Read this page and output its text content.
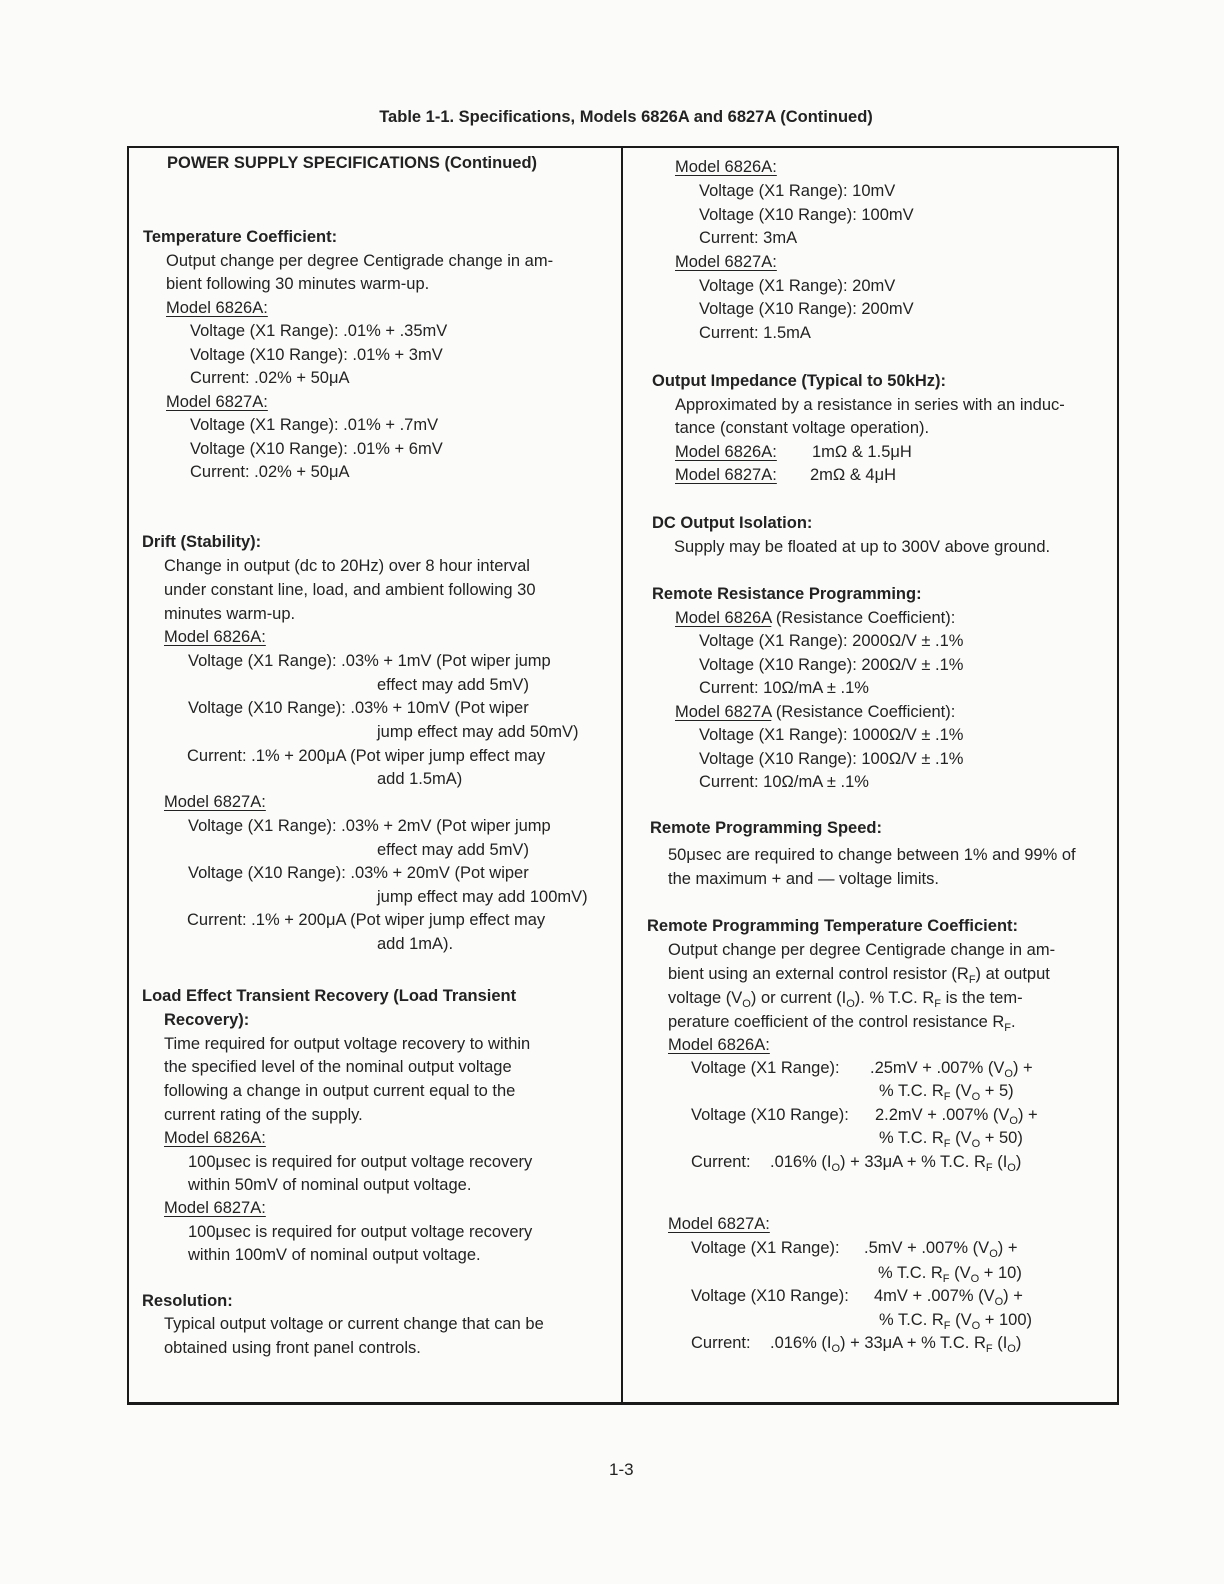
Table 1-1. Specifications, Models 6826A and 6827A (Continued)
POWER SUPPLY SPECIFICATIONS (Continued)
Temperature Coefficient:
Output change per degree Centigrade change in am-
bient following 30 minutes warm-up.
Model 6826A:
Voltage (X1 Range): .01% + .35mV
Voltage (X10 Range): .01% + 3mV
Current: .02% + 50μA
Model 6827A:
Voltage (X1 Range): .01% + .7mV
Voltage (X10 Range): .01% + 6mV
Current: .02% + 50μA
Drift (Stability):
Change in output (dc to 20Hz) over 8 hour interval
under constant line, load, and ambient following 30
minutes warm-up.
Model 6826A:
Voltage (X1 Range): .03% + 1mV (Pot wiper jump
effect may add 5mV)
Voltage (X10 Range): .03% + 10mV (Pot wiper
jump effect may add 50mV)
Current: .1% + 200μA (Pot wiper jump effect may
add 1.5mA)
Model 6827A:
Voltage (X1 Range): .03% + 2mV (Pot wiper jump
effect may add 5mV)
Voltage (X10 Range): .03% + 20mV (Pot wiper
jump effect may add 100mV)
Current: .1% + 200μA (Pot wiper jump effect may
add 1mA).
Load Effect Transient Recovery (Load Transient
Recovery):
Time required for output voltage recovery to within
the specified level of the nominal output voltage
following a change in output current equal to the
current rating of the supply.
Model 6826A:
100μsec is required for output voltage recovery
within 50mV of nominal output voltage.
Model 6827A:
100μsec is required for output voltage recovery
within 100mV of nominal output voltage.
Resolution:
Typical output voltage or current change that can be
obtained using front panel controls.
Model 6826A:
Voltage (X1 Range): 10mV
Voltage (X10 Range): 100mV
Current: 3mA
Model 6827A:
Voltage (X1 Range): 20mV
Voltage (X10 Range): 200mV
Current: 1.5mA
Output Impedance (Typical to 50kHz):
Approximated by a resistance in series with an induc-
tance (constant voltage operation).
Model 6826A: 1mΩ & 1.5μH
Model 6827A: 2mΩ & 4μH
DC Output Isolation:
Supply may be floated at up to 300V above ground.
Remote Resistance Programming:
Model 6826A (Resistance Coefficient):
Voltage (X1 Range): 2000Ω/V ± .1%
Voltage (X10 Range): 200Ω/V ± .1%
Current: 10Ω/mA ± .1%
Model 6827A (Resistance Coefficient):
Voltage (X1 Range): 1000Ω/V ± .1%
Voltage (X10 Range): 100Ω/V ± .1%
Current: 10Ω/mA ± .1%
Remote Programming Speed:
50μsec are required to change between 1% and 99% of
the maximum + and — voltage limits.
Remote Programming Temperature Coefficient:
Output change per degree Centigrade change in am-
bient using an external control resistor $(R_F)$ at output
voltage $(V_O)$ or current $(I_O)$. % T.C. $R_F$ is the tem-
perature coefficient of the control resistance $R_F$.
Model 6826A:
Voltage (X1 Range): .25mV + .007% $(V_O)$ +
% T.C. $R_F$ $(V_O + 5)$
Voltage (X10 Range): 2.2mV + .007% $(V_O)$ +
% T.C. $R_F$ $(V_O + 50)$
Current: .016% $(I_O) + 33\mu A$ + % T.C. $R_F$ $(I_O)$
Model 6827A:
Voltage (X1 Range): .5mV + .007% $(V_O)$ +
% T.C. $R_F$ $(V_O + 10)$
Voltage (X10 Range): 4mV + .007% $(V_O)$ +
% T.C. $R_F$ $(V_O + 100)$
Current: .016% $(I_O) + 33\mu A$ + % T.C. $R_F$ $(I_O)$
1-3
